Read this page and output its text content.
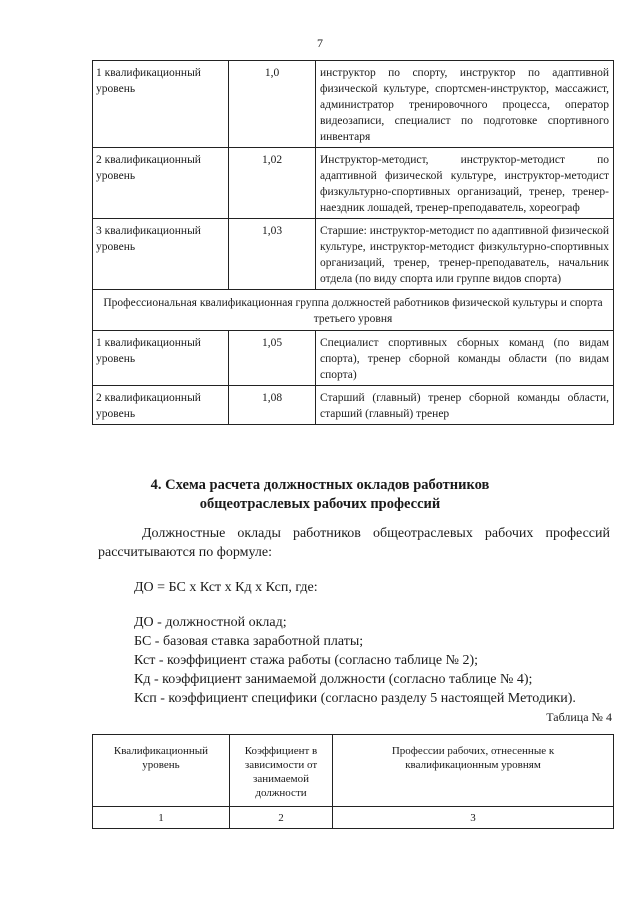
7
1 квалификационный уровень	1,0	инструктор по спорту, инструктор по адаптивной физической культуре, спортсмен-инструктор, массажист, администратор тренировочного процесса, оператор видеозаписи, специалист по подготовке спортивного инвентаря
2 квалификационный уровень	1,02	Инструктор-методист, инструктор-методист по адаптивной физической культуре, инструктор-методист физкультурно-спортивных организаций, тренер, тренер-наездник лошадей, тренер-преподаватель, хореограф
3 квалификационный уровень	1,03	Старшие: инструктор-методист по адаптивной физической культуре, инструктор-методист физкультурно-спортивных организаций, тренер, тренер-преподаватель, начальник отдела (по виду спорта или группе видов спорта)
Профессиональная квалификационная группа должностей работников физической культуры и спорта третьего уровня		
1 квалификационный уровень	1,05	Специалист спортивных сборных команд (по видам спорта), тренер сборной команды области (по видам спорта)
2 квалификационный уровень	1,08	Старший (главный) тренер сборной команды области, старший (главный) тренер
4. Схема расчета должностных окладов работников
общеотраслевых рабочих профессий
Должностные оклады работников общеотраслевых рабочих профессий рассчитываются по формуле:
ДО = БС х Кст х Кд х Ксп, где:
ДО - должностной оклад;
БС - базовая ставка заработной платы;
Кст - коэффициент стажа работы (согласно таблице № 2);
Кд - коэффициент занимаемой должности (согласно таблице № 4);
Ксп - коэффициент специфики (согласно разделу 5 настоящей Методики).
Таблица № 4
Квалификационный уровень	Коэффициент в зависимости от занимаемой должности	Профессии рабочих, отнесенные к квалификационным уровням
1	2	3
